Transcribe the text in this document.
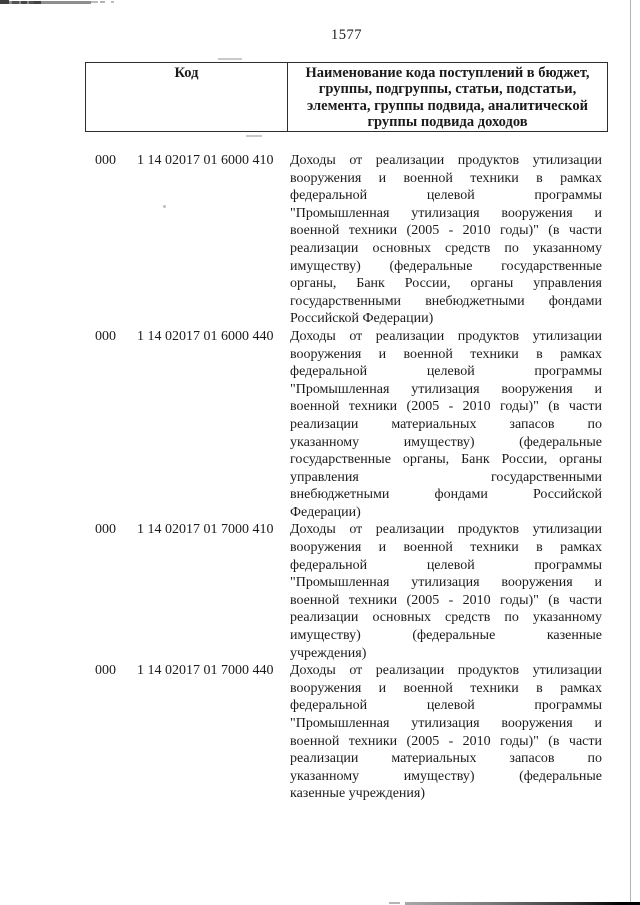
1577
Код	Наименование кода поступлений в бюджет, группы, подгруппы, статьи, подстатьи, элемента, группы подвида, аналитической группы подвида доходов
000	1 14 02017 01 6000 410	Доходы от реализации продуктов утилизации
вооружения и военной техники в рамках
федеральной целевой программы
"Промышленная утилизация вооружения и
военной техники (2005 - 2010 годы)" (в части
реализации основных средств по указанному
имуществу) (федеральные государственные
органы, Банк России, органы управления
государственными внебюджетными фондами
Российской Федерации)
000	1 14 02017 01 6000 440	Доходы от реализации продуктов утилизации
вооружения и военной техники в рамках
федеральной целевой программы
"Промышленная утилизация вооружения и
военной техники (2005 - 2010 годы)" (в части
реализации материальных запасов по
указанному имуществу) (федеральные
государственные органы, Банк России, органы
управления государственными
внебюджетными фондами Российской
Федерации)
000	1 14 02017 01 7000 410	Доходы от реализации продуктов утилизации
вооружения и военной техники в рамках
федеральной целевой программы
"Промышленная утилизация вооружения и
военной техники (2005 - 2010 годы)" (в части
реализации основных средств по указанному
имуществу) (федеральные казенные
учреждения)
000	1 14 02017 01 7000 440	Доходы от реализации продуктов утилизации
вооружения и военной техники в рамках
федеральной целевой программы
"Промышленная утилизация вооружения и
военной техники (2005 - 2010 годы)" (в части
реализации материальных запасов по
указанному имуществу) (федеральные
казенные учреждения)
